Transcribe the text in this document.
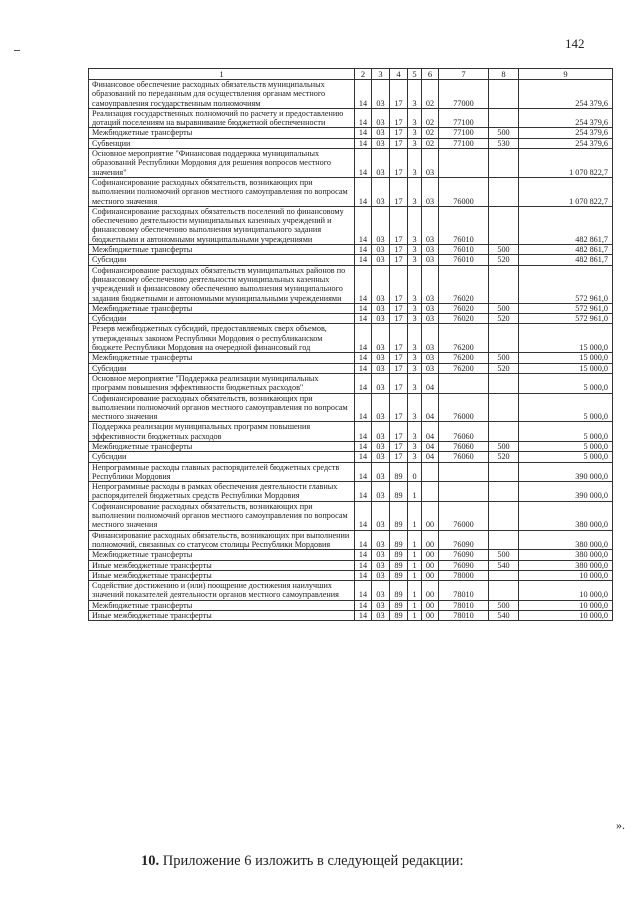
142
1	2	3	4	5	6	7	8	9
Финансовое обеспечение расходных обязательств муниципальных образований по переданным для осуществления органам местного самоуправления государственным полномочиям	14	03	17	3	02	77000		254 379,6
Реализация государственных полномочий по расчету и предоставлению дотаций поселениям на выравнивание бюджетной обеспеченности	14	03	17	3	02	77100		254 379,6
Межбюджетные трансферты	14	03	17	3	02	77100	500	254 379,6
Субвенции	14	03	17	3	02	77100	530	254 379,6
Основное мероприятие "Финансовая поддержка муниципальных образований Республики Мордовия для решения вопросов местного значения"	14	03	17	3	03			1 070 822,7
Софинансирование расходных обязательств, возникающих при выполнении полномочий органов местного самоуправления по вопросам местного значения	14	03	17	3	03	76000		1 070 822,7
Софинансирование расходных обязательств поселений по финансовому обеспечению деятельности муниципальных казенных учреждений и финансовому обеспечению выполнения муниципального задания бюджетными и автономными муниципальными учреждениями	14	03	17	3	03	76010		482 861,7
Межбюджетные трансферты	14	03	17	3	03	76010	500	482 861,7
Субсидии	14	03	17	3	03	76010	520	482 861,7
Софинансирование расходных обязательств муниципальных районов по финансовому обеспечению деятельности муниципальных казенных учреждений и финансовому обеспечению выполнения муниципального задания бюджетными и автономными муниципальными учреждениями	14	03	17	3	03	76020		572 961,0
Межбюджетные трансферты	14	03	17	3	03	76020	500	572 961,0
Субсидии	14	03	17	3	03	76020	520	572 961,0
Резерв межбюджетных субсидий, предоставляемых сверх объемов, утвержденных законом Республики Мордовия о республиканском бюджете Республики Мордовия на очередной финансовый год	14	03	17	3	03	76200		15 000,0
Межбюджетные трансферты	14	03	17	3	03	76200	500	15 000,0
Субсидии	14	03	17	3	03	76200	520	15 000,0
Основное мероприятие "Поддержка реализации муниципальных программ повышения эффективности бюджетных расходов"	14	03	17	3	04			5 000,0
Софинансирование расходных обязательств, возникающих при выполнении полномочий органов местного самоуправления по вопросам местного значения	14	03	17	3	04	76000		5 000,0
Поддержка реализации муниципальных программ повышения эффективности бюджетных расходов	14	03	17	3	04	76060		5 000,0
Межбюджетные трансферты	14	03	17	3	04	76060	500	5 000,0
Субсидии	14	03	17	3	04	76060	520	5 000,0
Непрограммные расходы главных распорядителей бюджетных средств Республики Мордовия	14	03	89	0				390 000,0
Непрограммные расходы в рамках обеспечения деятельности главных распорядителей бюджетных средств Республики Мордовия	14	03	89	1				390 000,0
Софинансирование расходных обязательств, возникающих при выполнении полномочий органов местного самоуправления по вопросам местного значения	14	03	89	1	00	76000		380 000,0
Финансирование расходных обязательств, возникающих при выполнении полномочий, связанных со статусом столицы Республики Мордовия	14	03	89	1	00	76090		380 000,0
Межбюджетные трансферты	14	03	89	1	00	76090	500	380 000,0
Иные межбюджетные трансферты	14	03	89	1	00	76090	540	380 000,0
Иные межбюджетные трансферты	14	03	89	1	00	78000		10 000,0
Содействие достижению и (или) поощрение достижения наилучших значений показателей деятельности органов местного самоуправления	14	03	89	1	00	78010		10 000,0
Межбюджетные трансферты	14	03	89	1	00	78010	500	10 000,0
Иные межбюджетные трансферты	14	03	89	1	00	78010	540	10 000,0
».
10. Приложение 6 изложить в следующей редакции:
